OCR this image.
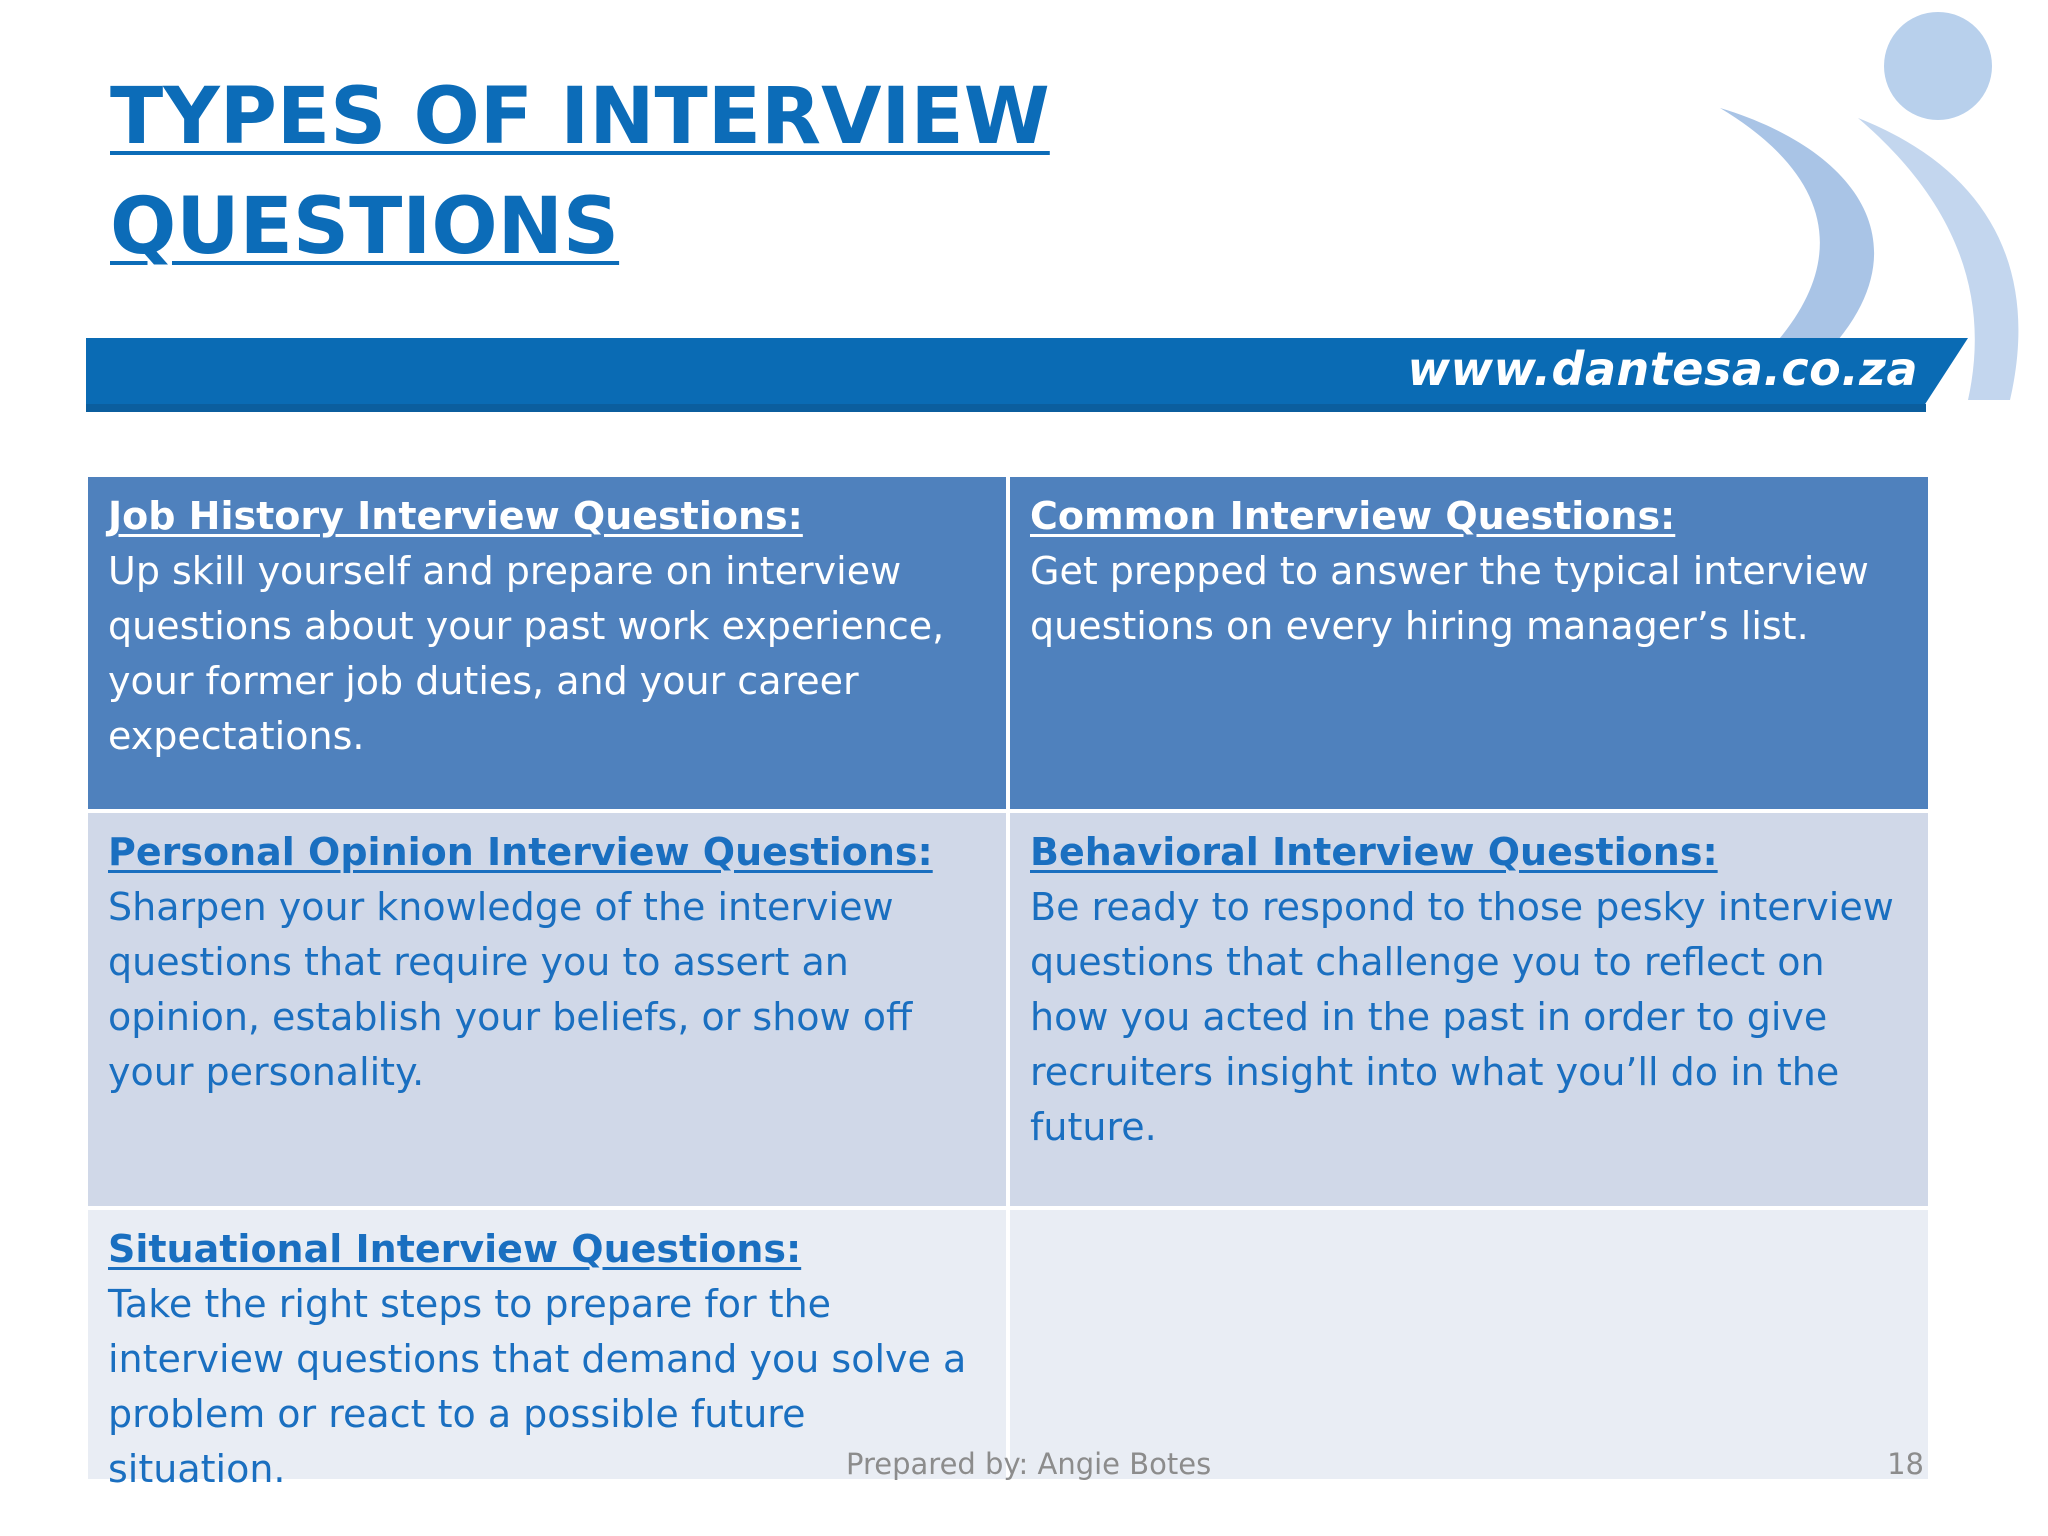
TYPES OF INTERVIEW
QUESTIONS
www.dantesa.co.za
Job History Interview Questions:
Up skill yourself and prepare on interview questions about your past work experience, your former job duties, and your career expectations.
Common Interview Questions:
Get prepped to answer the typical interview questions on every hiring manager’s list.
Personal Opinion Interview Questions:
Sharpen your knowledge of the interview questions that require you to assert an opinion, establish your beliefs, or show off your personality.
Behavioral Interview Questions:
Be ready to respond to those pesky interview questions that challenge you to reflect on how you acted in the past in order to give recruiters insight into what you’ll do in the future.
Situational Interview Questions:
Take the right steps to prepare for the interview questions that demand you solve a problem or react to a possible future situation.	Prepared by: Angie Botes	18
